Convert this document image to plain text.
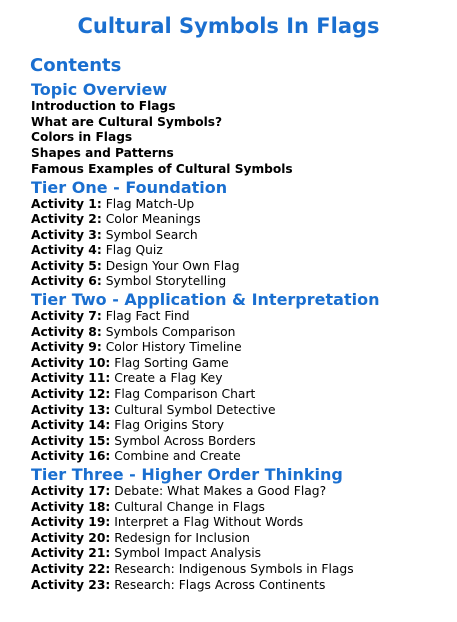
Cultural Symbols In Flags
Contents
Topic Overview
Introduction to Flags
What are Cultural Symbols?
Colors in Flags
Shapes and Patterns
Famous Examples of Cultural Symbols
Tier One - Foundation
Activity 1: Flag Match-Up
Activity 2: Color Meanings
Activity 3: Symbol Search
Activity 4: Flag Quiz
Activity 5: Design Your Own Flag
Activity 6: Symbol Storytelling
Tier Two - Application & Interpretation
Activity 7: Flag Fact Find
Activity 8: Symbols Comparison
Activity 9: Color History Timeline
Activity 10: Flag Sorting Game
Activity 11: Create a Flag Key
Activity 12: Flag Comparison Chart
Activity 13: Cultural Symbol Detective
Activity 14: Flag Origins Story
Activity 15: Symbol Across Borders
Activity 16: Combine and Create
Tier Three - Higher Order Thinking
Activity 17: Debate: What Makes a Good Flag?
Activity 18: Cultural Change in Flags
Activity 19: Interpret a Flag Without Words
Activity 20: Redesign for Inclusion
Activity 21: Symbol Impact Analysis
Activity 22: Research: Indigenous Symbols in Flags
Activity 23: Research: Flags Across Continents
